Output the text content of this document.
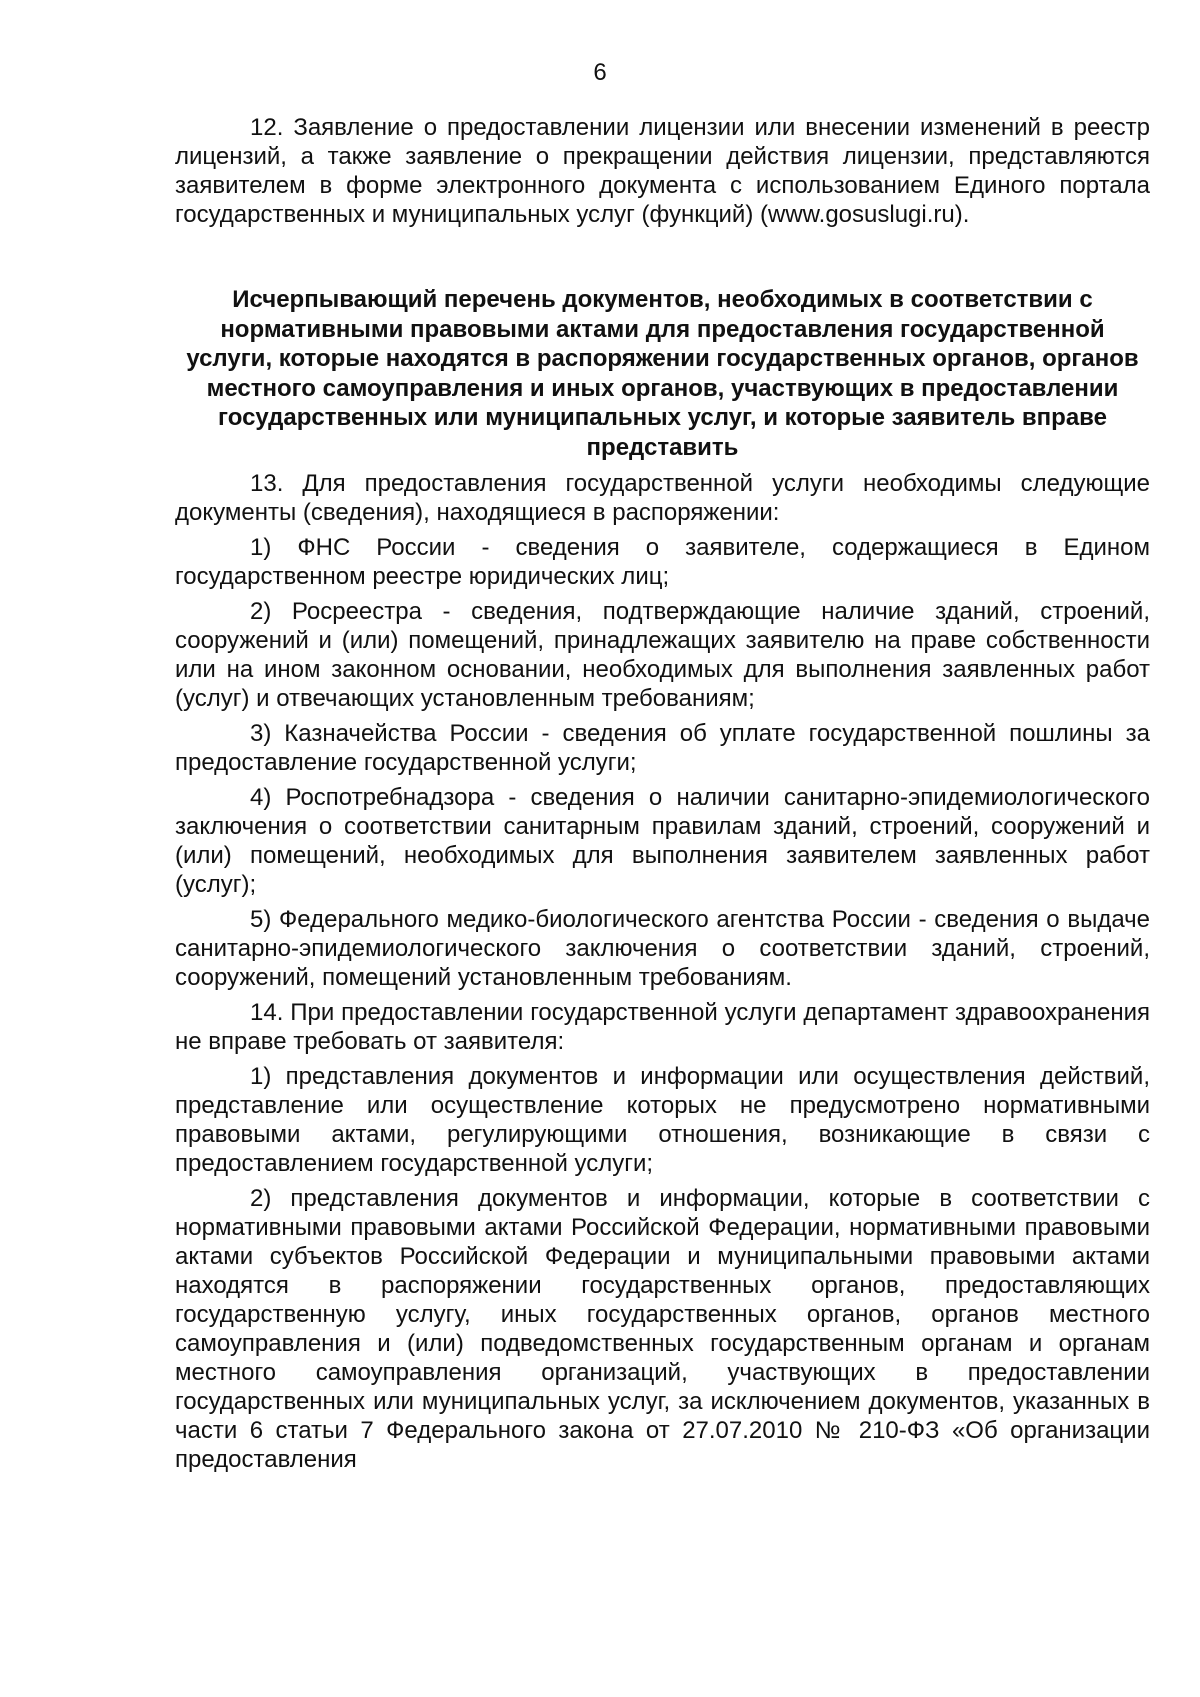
6

12. Заявление о предоставлении лицензии или внесении изменений в реестр лицензий, а также заявление о прекращении действия лицензии, представляются заявителем в форме электронного документа с использованием Единого портала государственных и муниципальных услуг (функций) (www.gosuslugi.ru).

Исчерпывающий перечень документов, необходимых в соответствии с нормативными правовыми актами для предоставления государственной услуги, которые находятся в распоряжении государственных органов, органов местного самоуправления и иных органов, участвующих в предоставлении государственных или муниципальных услуг, и которые заявитель вправе представить

13. Для предоставления государственной услуги необходимы следующие документы (сведения), находящиеся в распоряжении:

1) ФНС России - сведения о заявителе, содержащиеся в Едином государственном реестре юридических лиц;

2) Росреестра - сведения, подтверждающие наличие зданий, строений, сооружений и (или) помещений, принадлежащих заявителю на праве собственности или на ином законном основании, необходимых для выполнения заявленных работ (услуг) и отвечающих установленным требованиям;

3) Казначейства России - сведения об уплате государственной пошлины за предоставление государственной услуги;

4) Роспотребнадзора - сведения о наличии санитарно-эпидемиологического заключения о соответствии санитарным правилам зданий, строений, сооружений и (или) помещений, необходимых для выполнения заявителем заявленных работ (услуг);

5) Федерального медико-биологического агентства России - сведения о выдаче санитарно-эпидемиологического заключения о соответствии зданий, строений, сооружений, помещений установленным требованиям.

14. При предоставлении государственной услуги департамент здравоохранения не вправе требовать от заявителя:

1) представления документов и информации или осуществления действий, представление или осуществление которых не предусмотрено нормативными правовыми актами, регулирующими отношения, возникающие в связи с предоставлением государственной услуги;

2) представления документов и информации, которые в соответствии с нормативными правовыми актами Российской Федерации, нормативными правовыми актами субъектов Российской Федерации и муниципальными правовыми актами находятся в распоряжении государственных органов, предоставляющих государственную услугу, иных государственных органов, органов местного самоуправления и (или) подведомственных государственным органам и органам местного самоуправления организаций, участвующих в предоставлении государственных или муниципальных услуг, за исключением документов, указанных в части 6 статьи 7 Федерального закона от 27.07.2010 № 210-ФЗ «Об организации предоставления
